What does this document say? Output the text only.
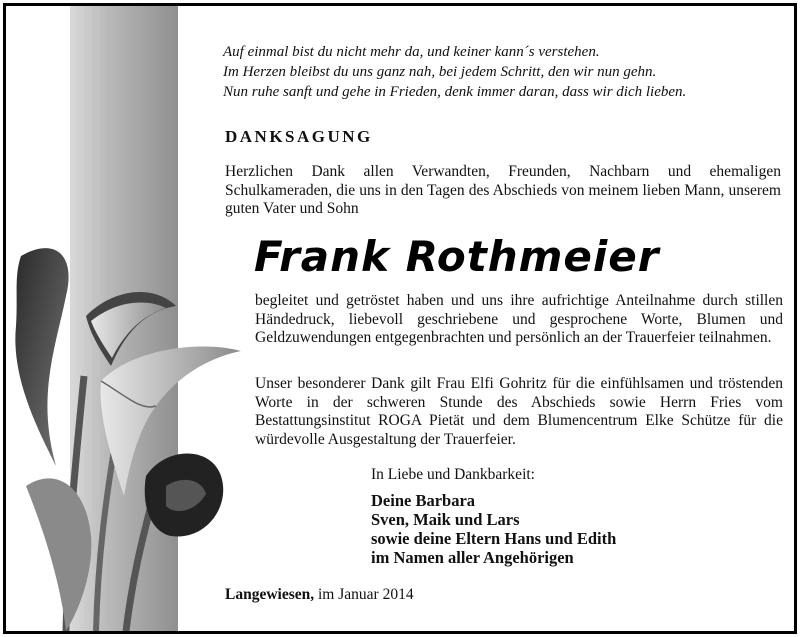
Auf einmal bist du nicht mehr da, und keiner kann´s verstehen.
Im Herzen bleibst du uns ganz nah, bei jedem Schritt, den wir nun gehn.
Nun ruhe sanft und gehe in Frieden, denk immer daran, dass wir dich lieben.
DANKSAGUNG
Herzlichen Dank allen Verwandten, Freunden, Nachbarn und ehemaligen Schulkameraden, die uns in den Tagen des Abschieds von meinem lieben Mann, unserem guten Vater und Sohn
Frank Rothmeier
begleitet und getröstet haben und uns ihre aufrichtige Anteilnahme durch stillen Händedruck, liebevoll geschriebene und gesprochene Worte, Blumen und Geldzuwendungen entgegenbrachten und persönlich an der Trauerfeier teilnahmen.
Unser besonderer Dank gilt Frau Elfi Gohritz für die einfühlsamen und tröstenden Worte in der schweren Stunde des Abschieds sowie Herrn Fries vom Bestattungsinstitut ROGA Pietät und dem Blumencentrum Elke Schütze für die würdevolle Ausgestaltung der Trauerfeier.
In Liebe und Dankbarkeit:
Deine Barbara
Sven, Maik und Lars
sowie deine Eltern Hans und Edith
im Namen aller Angehörigen
Langewiesen, im Januar 2014
